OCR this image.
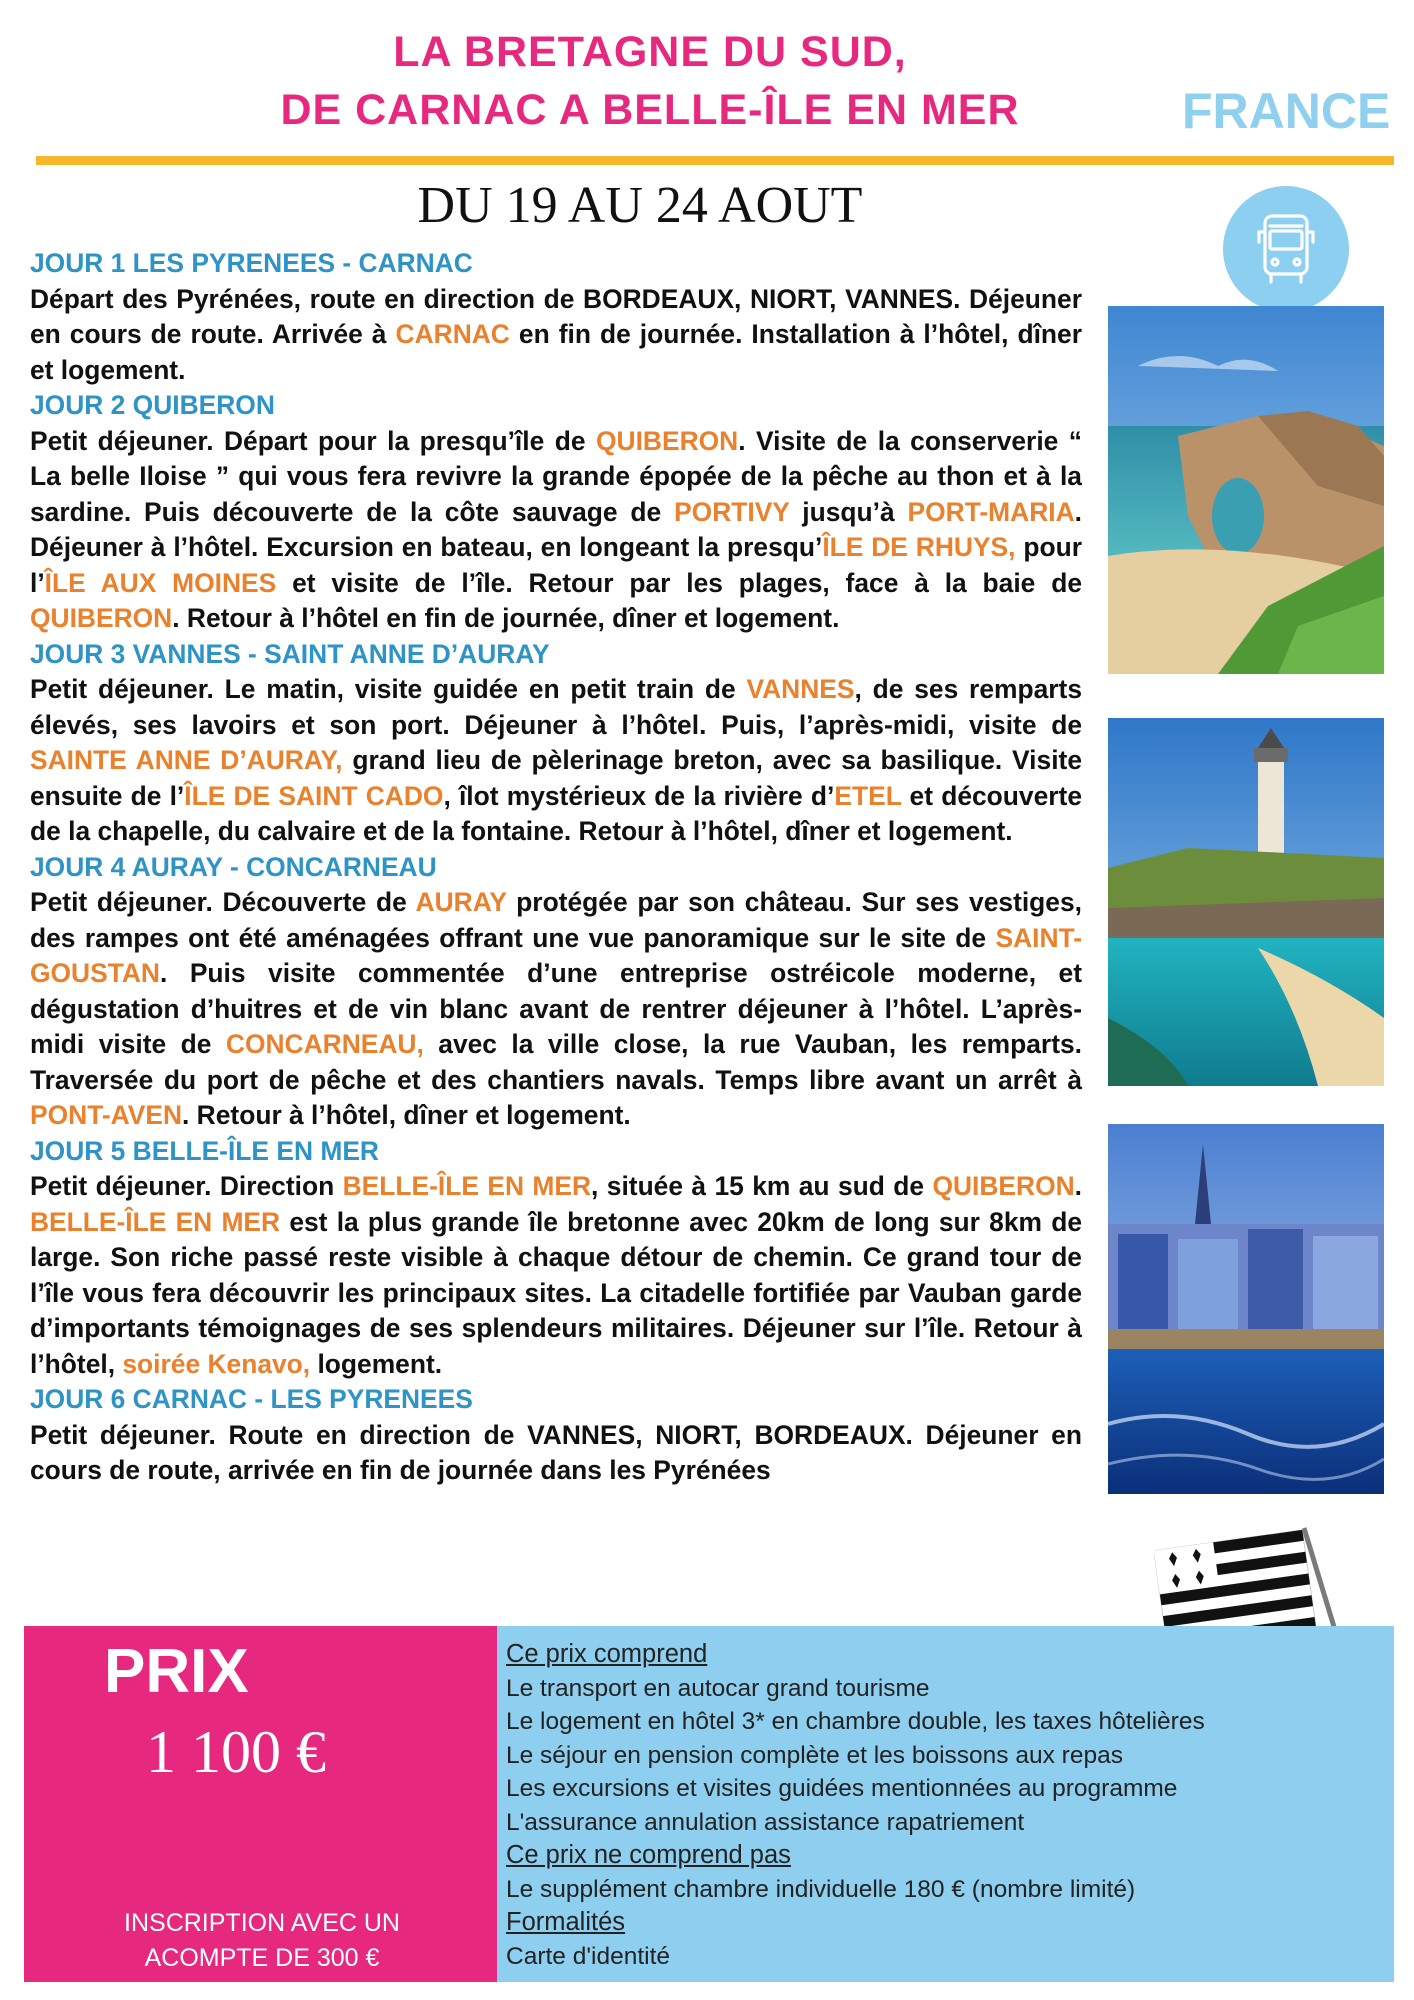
LA BRETAGNE DU SUD,
DE CARNAC A BELLE-ÎLE EN MER	FRANCE
DU 19 AU 24 AOUT
JOUR 1 LES PYRENEES - CARNAC
Départ des Pyrénées, route en direction de BORDEAUX, NIORT, VANNES. Déjeuner en cours de route. Arrivée à CARNAC en fin de journée. Installation à l’hôtel, dîner et logement.
JOUR 2 QUIBERON
Petit déjeuner. Départ pour la presqu’île de QUIBERON. Visite de la conserverie “ La belle Iloise ” qui vous fera revivre la grande épopée de la pêche au thon et à la sardine. Puis découverte de la côte sauvage de PORTIVY jusqu’à PORT-MARIA. Déjeuner à l’hôtel. Excursion en bateau, en longeant la presqu’ÎLE DE RHUYS, pour l’ÎLE AUX MOINES et visite de l’île. Retour par les plages, face à la baie de QUIBERON. Retour à l’hôtel en fin de journée, dîner et logement.
JOUR 3 VANNES - SAINT ANNE D’AURAY
Petit déjeuner. Le matin, visite guidée en petit train de VANNES, de ses remparts élevés, ses lavoirs et son port. Déjeuner à l’hôtel. Puis, l’après-midi, visite de SAINTE ANNE D’AURAY, grand lieu de pèlerinage breton, avec sa basilique. Visite ensuite de l’ÎLE DE SAINT CADO, îlot mystérieux de la rivière d’ETEL et découverte de la chapelle, du calvaire et de la fontaine. Retour à l’hôtel, dîner et logement.
JOUR 4 AURAY - CONCARNEAU
Petit déjeuner. Découverte de AURAY protégée par son château. Sur ses vestiges, des rampes ont été aménagées offrant une vue panoramique sur le site de SAINT-GOUSTAN. Puis visite commentée d’une entreprise ostréicole moderne, et dégustation d’huitres et de vin blanc avant de rentrer déjeuner à l’hôtel. L’après-midi visite de CONCARNEAU, avec la ville close, la rue Vauban, les remparts. Traversée du port de pêche et des chantiers navals. Temps libre avant un arrêt à PONT-AVEN. Retour à l’hôtel, dîner et logement.
JOUR 5 BELLE-ÎLE EN MER
Petit déjeuner. Direction BELLE-ÎLE EN MER, située à 15 km au sud de QUIBERON. BELLE-ÎLE EN MER est la plus grande île bretonne avec 20km de long sur 8km de large. Son riche passé reste visible à chaque détour de chemin. Ce grand tour de l’île vous fera découvrir les principaux sites. La citadelle fortifiée par Vauban garde d’importants témoignages de ses splendeurs militaires. Déjeuner sur l’île. Retour à l’hôtel, soirée Kenavo, logement.
JOUR 6 CARNAC - LES PYRENEES
Petit déjeuner. Route en direction de VANNES, NIORT, BORDEAUX. Déjeuner en cours de route, arrivée en fin de journée dans les Pyrénées
PRIX
1 100 €
INSCRIPTION AVEC UN
ACOMPTE DE 300 €
Ce prix comprend
Le transport en autocar grand tourisme
Le logement en hôtel 3* en chambre double, les taxes hôtelières
Le séjour en pension complète et les boissons aux repas
Les excursions et visites guidées mentionnées au programme
L'assurance annulation assistance rapatriement
Ce prix ne comprend pas
Le supplément chambre individuelle 180 € (nombre limité)
Formalités
Carte d'identité
